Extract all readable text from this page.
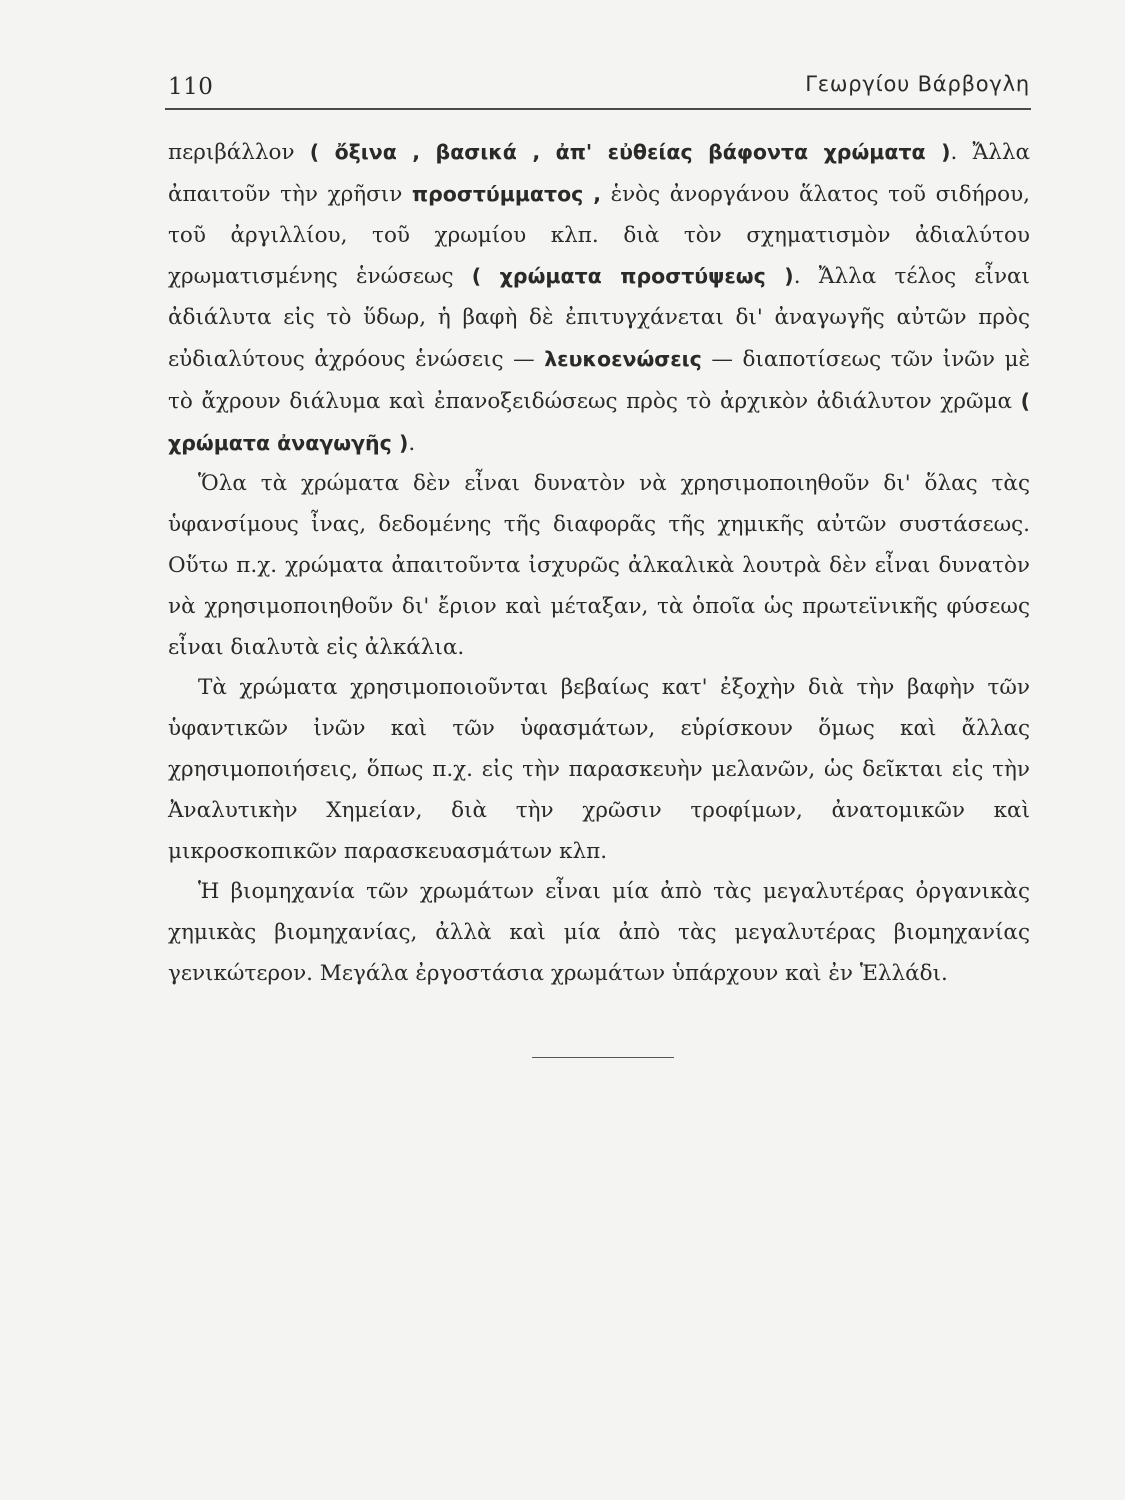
110	Γεωργίου Βάρβογλη

περιβάλλον ( ὄξινα , βασικά , ἀπ' εὐθείας βάφοντα χρώματα ). Ἄλλα ἀπαιτοῦν τὴν χρῆσιν προστύμματος , ἑνὸς ἀνοργάνου ἅλατος τοῦ σιδήρου, τοῦ ἀργιλλίου, τοῦ χρωμίου κλπ. διὰ τὸν σχηματισμὸν ἀδιαλύτου χρωματισμένης ἑνώσεως ( χρώματα προστύψεως ). Ἄλλα τέλος εἶναι ἀδιάλυτα εἰς τὸ ὕδωρ, ἡ βαφὴ δὲ ἐπιτυγχάνεται δι' ἀναγωγῆς αὐτῶν πρὸς εὐδιαλύτους ἀχρόους ἑνώσεις — λευκοενώσεις — διαποτίσεως τῶν ἰνῶν μὲ τὸ ἄχρουν διάλυμα καὶ ἐπανοξειδώσεως πρὸς τὸ ἀρχικὸν ἀδιάλυτον χρῶμα ( χρώματα ἀναγωγῆς ).

Ὅλα τὰ χρώματα δὲν εἶναι δυνατὸν νὰ χρησιμοποιηθοῦν δι' ὅλας τὰς ὑφανσίμους ἶνας, δεδομένης τῆς διαφορᾶς τῆς χημικῆς αὐτῶν συστάσεως. Οὕτω π.χ. χρώματα ἀπαιτοῦντα ἰσχυρῶς ἀλκαλικὰ λουτρὰ δὲν εἶναι δυνατὸν νὰ χρησιμοποιηθοῦν δι' ἔριον καὶ μέταξαν, τὰ ὁποῖα ὡς πρωτεϊνικῆς φύσεως εἶναι διαλυτὰ εἰς ἀλκάλια.

Τὰ χρώματα χρησιμοποιοῦνται βεβαίως κατ' ἐξοχὴν διὰ τὴν βαφὴν τῶν ὑφαντικῶν ἰνῶν καὶ τῶν ὑφασμάτων, εὑρίσκουν ὅμως καὶ ἄλλας χρησιμοποιήσεις, ὅπως π.χ. εἰς τὴν παρασκευὴν μελανῶν, ὡς δεῖκται εἰς τὴν Ἀναλυτικὴν Χημείαν, διὰ τὴν χρῶσιν τροφίμων, ἀνατομικῶν καὶ μικροσκοπικῶν παρασκευασμάτων κλπ.

Ἡ βιομηχανία τῶν χρωμάτων εἶναι μία ἀπὸ τὰς μεγαλυτέρας ὀργανικὰς χημικὰς βιομηχανίας, ἀλλὰ καὶ μία ἀπὸ τὰς μεγαλυτέρας βιομηχανίας γενικώτερον. Μεγάλα ἐργοστάσια χρωμάτων ὑπάρχουν καὶ ἐν Ἑλλάδι.
